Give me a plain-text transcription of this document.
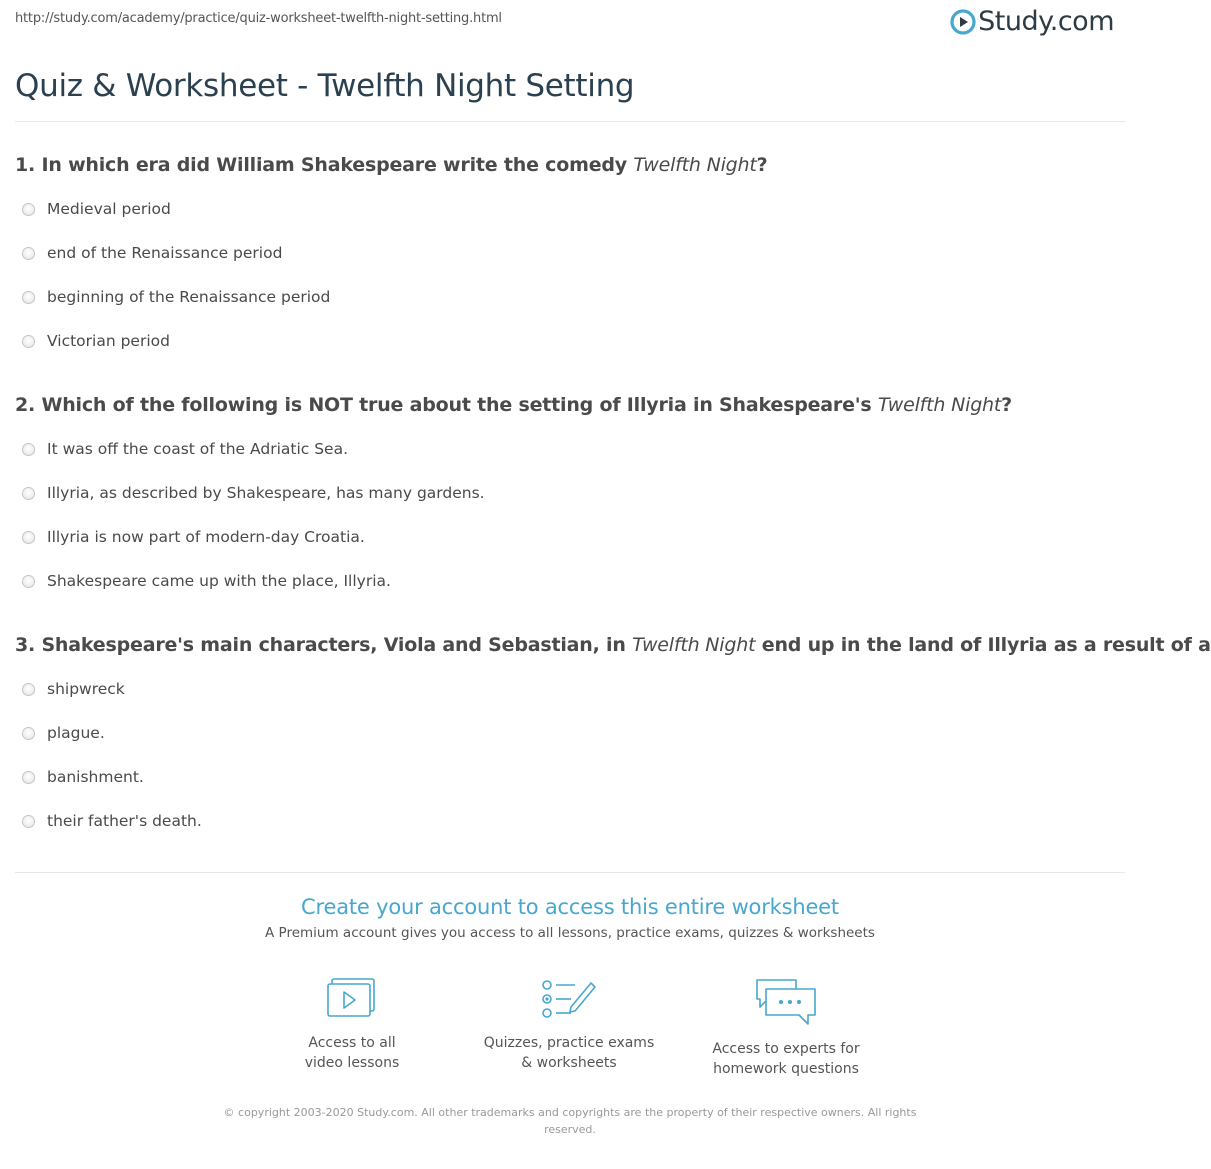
http://study.com/academy/practice/quiz-worksheet-twelfth-night-setting.html	Study.com
Quiz & Worksheet - Twelfth Night Setting
1. In which era did William Shakespeare write the comedy Twelfth Night?
Medieval period
end of the Renaissance period
beginning of the Renaissance period
Victorian period
2. Which of the following is NOT true about the setting of Illyria in Shakespeare's Twelfth Night?
It was off the coast of the Adriatic Sea.
Illyria, as described by Shakespeare, has many gardens.
Illyria is now part of modern-day Croatia.
Shakespeare came up with the place, Illyria.
3. Shakespeare's main characters, Viola and Sebastian, in Twelfth Night end up in the land of Illyria as a result of a
shipwreck
plague.
banishment.
their father's death.
Create your account to access this entire worksheet
A Premium account gives you access to all lessons, practice exams, quizzes & worksheets
Access to all
video lessons
Quizzes, practice exams
& worksheets
Access to experts for
homework questions
© copyright 2003-2020 Study.com. All other trademarks and copyrights are the property of their respective owners. All rights
reserved.
